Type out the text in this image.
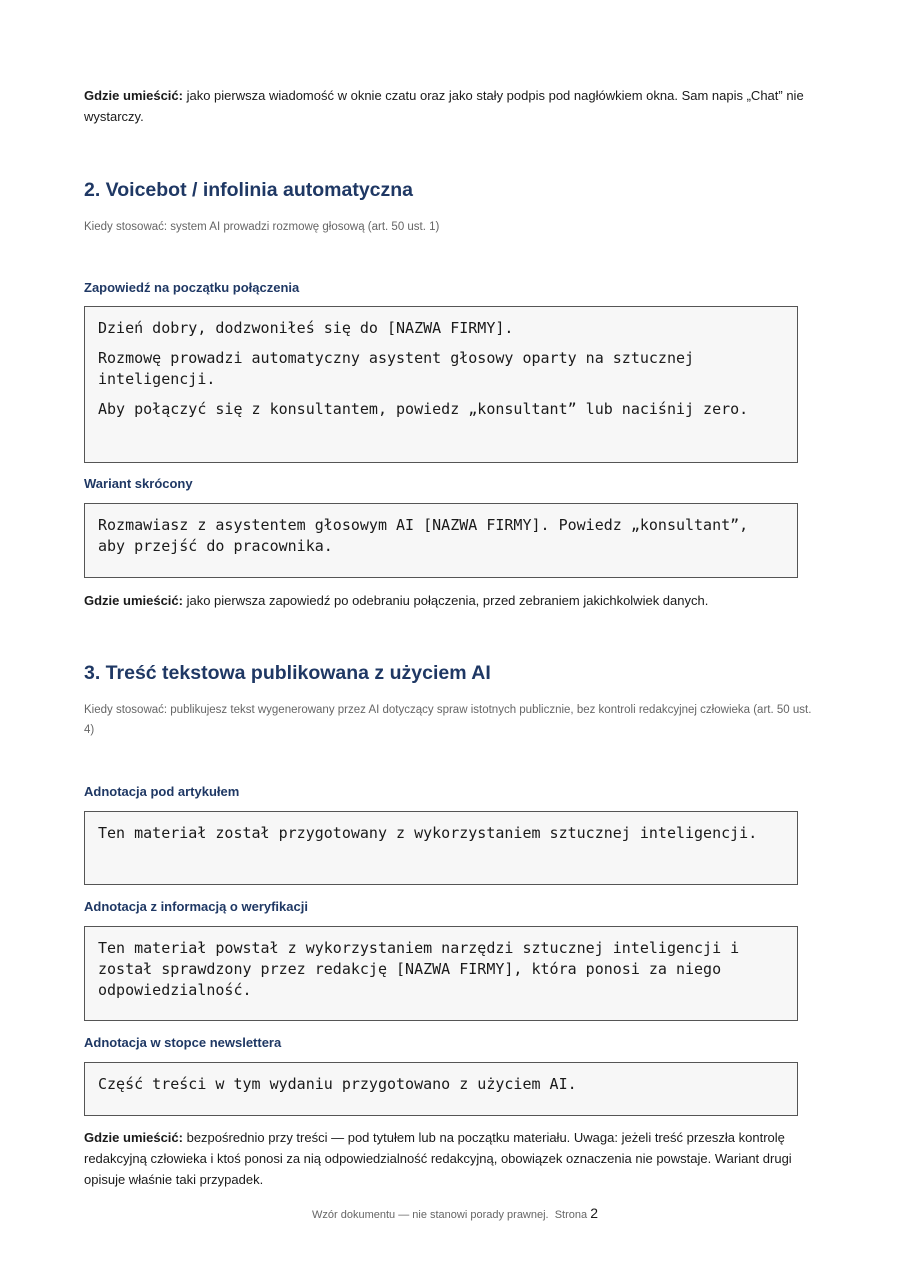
Gdzie umieścić: jako pierwsza wiadomość w oknie czatu oraz jako stały podpis pod nagłówkiem okna. Sam napis „Chat” nie wystarczy.
2. Voicebot / infolinia automatyczna
Kiedy stosować: system AI prowadzi rozmowę głosową (art. 50 ust. 1)
Zapowiedź na początku połączenia

Dzień dobry, dodzwoniłeś się do [NAZWA FIRMY].

Rozmowę prowadzi automatyczny asystent głosowy oparty na sztucznej inteligencji.

Aby połączyć się z konsultantem, powiedz „konsultant” lub naciśnij zero.

Wariant skrócony

Rozmawiasz z asystentem głosowym AI [NAZWA FIRMY]. Powiedz „konsultant”, aby przejść do pracownika.

Gdzie umieścić: jako pierwsza zapowiedź po odebraniu połączenia, przed zebraniem jakichkolwiek danych.
3. Treść tekstowa publikowana z użyciem AI
Kiedy stosować: publikujesz tekst wygenerowany przez AI dotyczący spraw istotnych publicznie, bez kontroli redakcyjnej człowieka (art. 50 ust. 4)
Adnotacja pod artykułem

Ten materiał został przygotowany z wykorzystaniem sztucznej inteligencji.

Adnotacja z informacją o weryfikacji

Ten materiał powstał z wykorzystaniem narzędzi sztucznej inteligencji i został sprawdzony przez redakcję [NAZWA FIRMY], która ponosi za niego odpowiedzialność.

Adnotacja w stopce newslettera

Część treści w tym wydaniu przygotowano z użyciem AI.

Gdzie umieścić: bezpośrednio przy treści — pod tytułem lub na początku materiału. Uwaga: jeżeli treść przeszła kontrolę redakcyjną człowieka i ktoś ponosi za nią odpowiedzialność redakcyjną, obowiązek oznaczenia nie powstaje. Wariant drugi opisuje właśnie taki przypadek.
Wzór dokumentu — nie stanowi porady prawnej.  Strona 2
